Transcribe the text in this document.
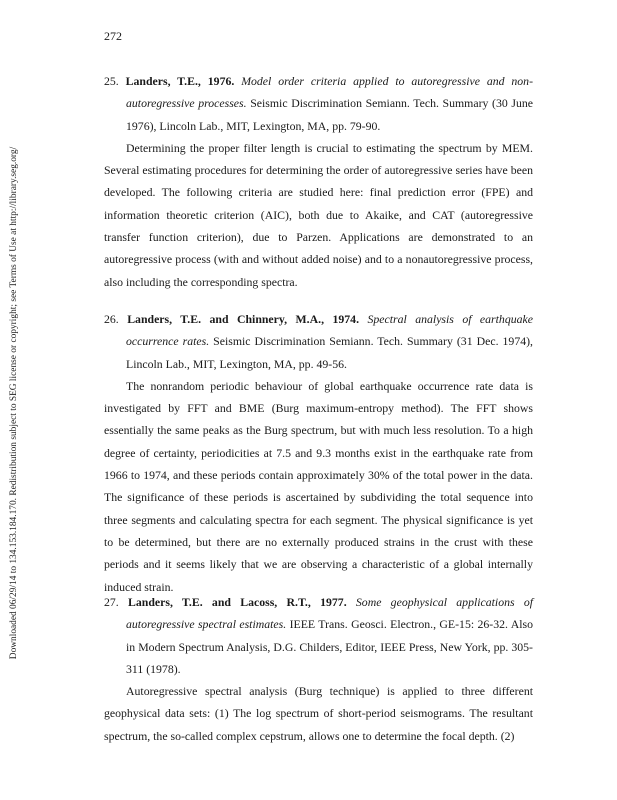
272
Downloaded 06/29/14 to 134.153.184.170. Redistribution subject to SEG license or copyright; see Terms of Use at http://library.seg.org/

25. Landers, T.E., 1976. Model order criteria applied to autoregressive and non-autoregressive processes. Seismic Discrimination Semiann. Tech. Summary (30 June 1976), Lincoln Lab., MIT, Lexington, MA, pp. 79-90.

Determining the proper filter length is crucial to estimating the spectrum by MEM. Several estimating procedures for determining the order of autoregressive series have been developed. The following criteria are studied here: final prediction error (FPE) and information theoretic criterion (AIC), both due to Akaike, and CAT (autoregressive transfer function criterion), due to Parzen. Applications are demonstrated to an autoregressive process (with and without added noise) and to a nonautoregressive process, also including the corresponding spectra.

26. Landers, T.E. and Chinnery, M.A., 1974. Spectral analysis of earthquake occurrence rates. Seismic Discrimination Semiann. Tech. Summary (31 Dec. 1974), Lincoln Lab., MIT, Lexington, MA, pp. 49-56.

The nonrandom periodic behaviour of global earthquake occurrence rate data is investigated by FFT and BME (Burg maximum-entropy method). The FFT shows essentially the same peaks as the Burg spectrum, but with much less resolution. To a high degree of certainty, periodicities at 7.5 and 9.3 months exist in the earthquake rate from 1966 to 1974, and these periods contain approximately 30% of the total power in the data. The significance of these periods is ascertained by subdividing the total sequence into three segments and calculating spectra for each segment. The physical significance is yet to be determined, but there are no externally produced strains in the crust with these periods and it seems likely that we are observing a characteristic of a global internally induced strain.

27. Landers, T.E. and Lacoss, R.T., 1977. Some geophysical applications of autoregressive spectral estimates. IEEE Trans. Geosci. Electron., GE-15: 26-32. Also in Modern Spectrum Analysis, D.G. Childers, Editor, IEEE Press, New York, pp. 305-311 (1978).

Autoregressive spectral analysis (Burg technique) is applied to three different geophysical data sets: (1) The log spectrum of short-period seismograms. The resultant spectrum, the so-called complex cepstrum, allows one to determine the focal depth. (2)
